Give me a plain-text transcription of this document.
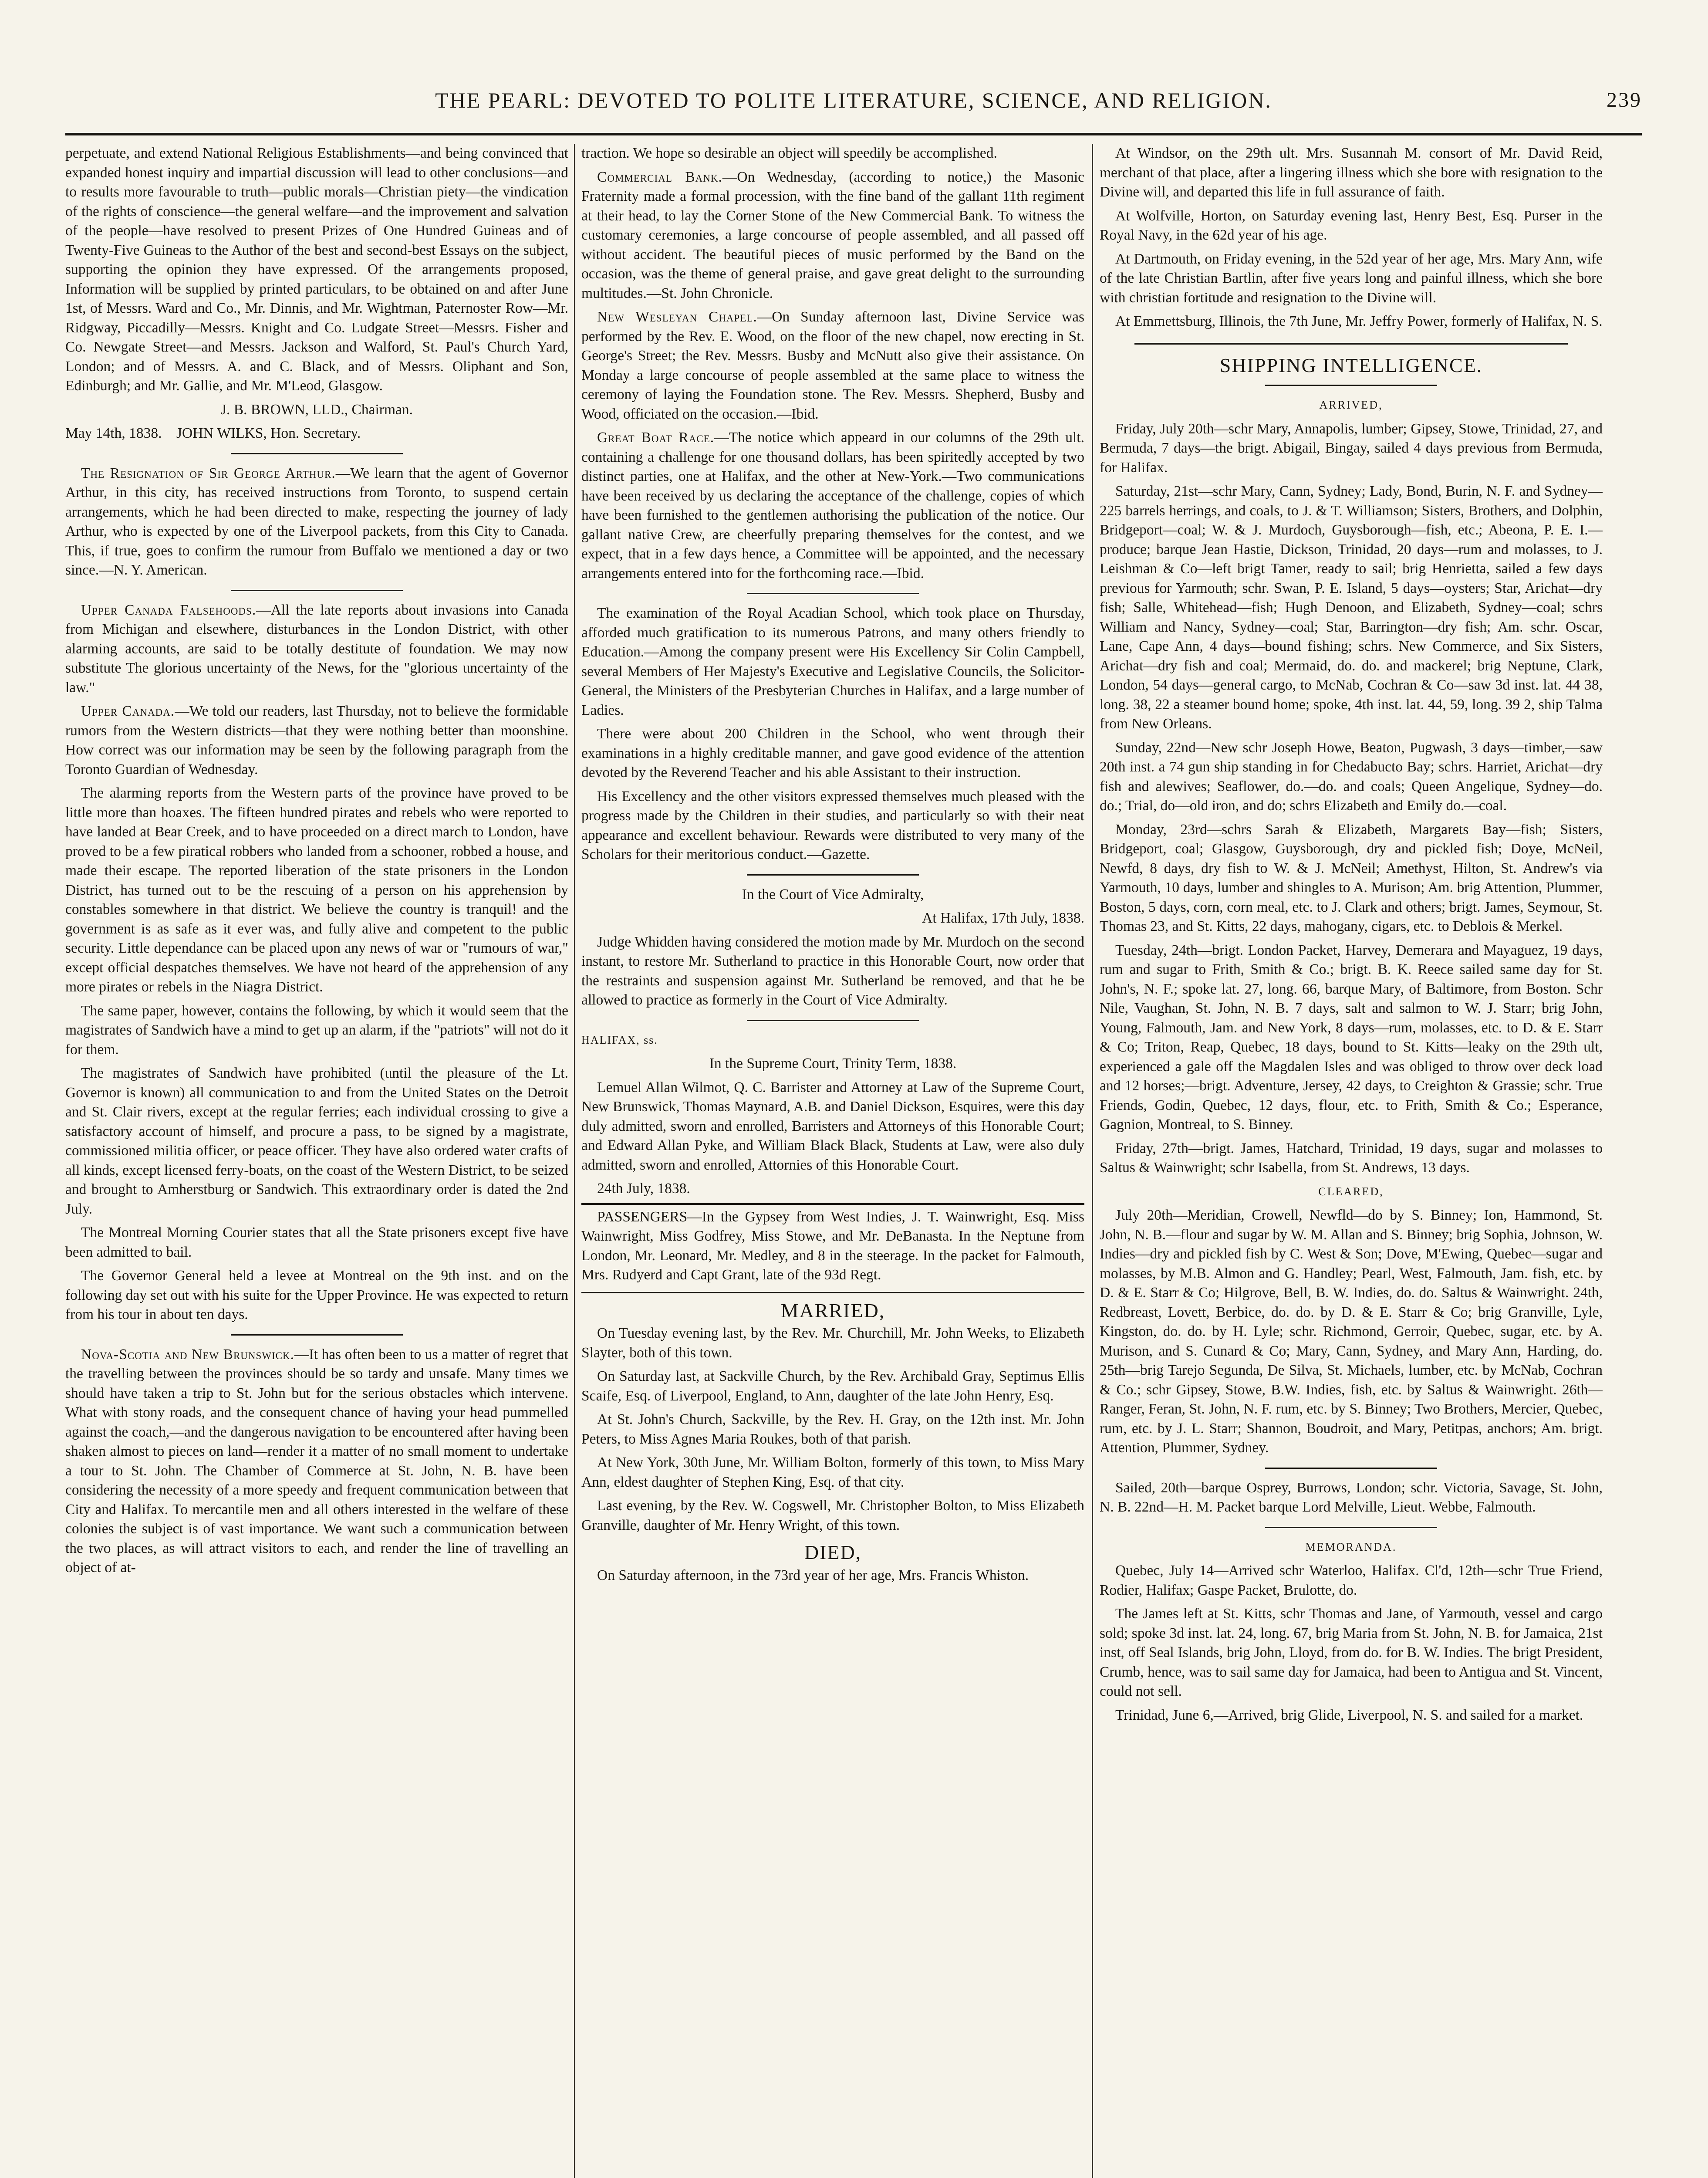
THE PEARL: DEVOTED TO POLITE LITERATURE, SCIENCE, AND RELIGION.	239

perpetuate, and extend National Religious Establishments—and being convinced that expanded honest inquiry and impartial discussion will lead to other conclusions—and to results more favourable to truth—public morals—Christian piety—the vindication of the rights of conscience—the general welfare—and the improvement and salvation of the people—have resolved to present Prizes of One Hundred Guineas and of Twenty-Five Guineas to the Author of the best and second-best Essays on the subject, supporting the opinion they have expressed. Of the arrangements proposed, Information will be supplied by printed particulars, to be obtained on and after June 1st, of Messrs. Ward and Co., Mr. Dinnis, and Mr. Wightman, Paternoster Row—Mr. Ridgway, Piccadilly—Messrs. Knight and Co. Ludgate Street—Messrs. Fisher and Co. Newgate Street—and Messrs. Jackson and Walford, St. Paul's Church Yard, London; and of Messrs. A. and C. Black, and of Messrs. Oliphant and Son, Edinburgh; and Mr. Gallie, and Mr. M'Leod, Glasgow.

J. B. BROWN, LLD., Chairman.

May 14th, 1838. JOHN WILKS, Hon. Secretary.

The Resignation of Sir George Arthur.—We learn that the agent of Governor Arthur, in this city, has received instructions from Toronto, to suspend certain arrangements, which he had been directed to make, respecting the journey of lady Arthur, who is expected by one of the Liverpool packets, from this City to Canada. This, if true, goes to confirm the rumour from Buffalo we mentioned a day or two since.—N. Y. American.

Upper Canada Falsehoods.—All the late reports about invasions into Canada from Michigan and elsewhere, disturbances in the London District, with other alarming accounts, are said to be totally destitute of foundation. We may now substitute The glorious uncertainty of the News, for the "glorious uncertainty of the law."

Upper Canada.—We told our readers, last Thursday, not to believe the formidable rumors from the Western districts—that they were nothing better than moonshine. How correct was our information may be seen by the following paragraph from the Toronto Guardian of Wednesday.

The alarming reports from the Western parts of the province have proved to be little more than hoaxes. The fifteen hundred pirates and rebels who were reported to have landed at Bear Creek, and to have proceeded on a direct march to London, have proved to be a few piratical robbers who landed from a schooner, robbed a house, and made their escape. The reported liberation of the state prisoners in the London District, has turned out to be the rescuing of a person on his apprehension by constables somewhere in that district. We believe the country is tranquil! and the government is as safe as it ever was, and fully alive and competent to the public security. Little dependance can be placed upon any news of war or "rumours of war," except official despatches themselves. We have not heard of the apprehension of any more pirates or rebels in the Niagra District.

The same paper, however, contains the following, by which it would seem that the magistrates of Sandwich have a mind to get up an alarm, if the "patriots" will not do it for them.

The magistrates of Sandwich have prohibited (until the pleasure of the Lt. Governor is known) all communication to and from the United States on the Detroit and St. Clair rivers, except at the regular ferries; each individual crossing to give a satisfactory account of himself, and procure a pass, to be signed by a magistrate, commissioned militia officer, or peace officer. They have also ordered water crafts of all kinds, except licensed ferry-boats, on the coast of the Western District, to be seized and brought to Amherstburg or Sandwich. This extraordinary order is dated the 2nd July.

The Montreal Morning Courier states that all the State prisoners except five have been admitted to bail.

The Governor General held a levee at Montreal on the 9th inst. and on the following day set out with his suite for the Upper Province. He was expected to return from his tour in about ten days.

Nova-Scotia and New Brunswick.—It has often been to us a matter of regret that the travelling between the provinces should be so tardy and unsafe. Many times we should have taken a trip to St. John but for the serious obstacles which intervene. What with stony roads, and the consequent chance of having your head pummelled against the coach,—and the dangerous navigation to be encountered after having been shaken almost to pieces on land—render it a matter of no small moment to undertake a tour to St. John. The Chamber of Commerce at St. John, N. B. have been considering the necessity of a more speedy and frequent communication between that City and Halifax. To mercantile men and all others interested in the welfare of these colonies the subject is of vast importance. We want such a communication between the two places, as will attract visitors to each, and render the line of travelling an object of at-

traction. We hope so desirable an object will speedily be accomplished.

Commercial Bank.—On Wednesday, (according to notice,) the Masonic Fraternity made a formal procession, with the fine band of the gallant 11th regiment at their head, to lay the Corner Stone of the New Commercial Bank. To witness the customary ceremonies, a large concourse of people assembled, and all passed off without accident. The beautiful pieces of music performed by the Band on the occasion, was the theme of general praise, and gave great delight to the surrounding multitudes.—St. John Chronicle.

New Wesleyan Chapel.—On Sunday afternoon last, Divine Service was performed by the Rev. E. Wood, on the floor of the new chapel, now erecting in St. George's Street; the Rev. Messrs. Busby and McNutt also give their assistance. On Monday a large concourse of people assembled at the same place to witness the ceremony of laying the Foundation stone. The Rev. Messrs. Shepherd, Busby and Wood, officiated on the occasion.—Ibid.

Great Boat Race.—The notice which appeard in our columns of the 29th ult. containing a challenge for one thousand dollars, has been spiritedly accepted by two distinct parties, one at Halifax, and the other at New-York.—Two communications have been received by us declaring the acceptance of the challenge, copies of which have been furnished to the gentlemen authorising the publication of the notice. Our gallant native Crew, are cheerfully preparing themselves for the contest, and we expect, that in a few days hence, a Committee will be appointed, and the necessary arrangements entered into for the forthcoming race.—Ibid.

The examination of the Royal Acadian School, which took place on Thursday, afforded much gratification to its numerous Patrons, and many others friendly to Education.—Among the company present were His Excellency Sir Colin Campbell, several Members of Her Majesty's Executive and Legislative Councils, the Solicitor-General, the Ministers of the Presbyterian Churches in Halifax, and a large number of Ladies.

There were about 200 Children in the School, who went through their examinations in a highly creditable manner, and gave good evidence of the attention devoted by the Reverend Teacher and his able Assistant to their instruction.

His Excellency and the other visitors expressed themselves much pleased with the progress made by the Children in their studies, and particularly so with their neat appearance and excellent behaviour. Rewards were distributed to very many of the Scholars for their meritorious conduct.—Gazette.

In the Court of Vice Admiralty,

At Halifax, 17th July, 1838.

Judge Whidden having considered the motion made by Mr. Murdoch on the second instant, to restore Mr. Sutherland to practice in this Honorable Court, now order that the restraints and suspension against Mr. Sutherland be removed, and that he be allowed to practice as formerly in the Court of Vice Admiralty.

HALIFAX, ss.

In the Supreme Court, Trinity Term, 1838.

Lemuel Allan Wilmot, Q. C. Barrister and Attorney at Law of the Supreme Court, New Brunswick, Thomas Maynard, A.B. and Daniel Dickson, Esquires, were this day duly admitted, sworn and enrolled, Barristers and Attorneys of this Honorable Court; and Edward Allan Pyke, and William Black Black, Students at Law, were also duly admitted, sworn and enrolled, Attornies of this Honorable Court.

24th July, 1838.

PASSENGERS—In the Gypsey from West Indies, J. T. Wainwright, Esq. Miss Wainwright, Miss Godfrey, Miss Stowe, and Mr. DeBanasta. In the Neptune from London, Mr. Leonard, Mr. Medley, and 8 in the steerage. In the packet for Falmouth, Mrs. Rudyerd and Capt Grant, late of the 93d Regt.

MARRIED,

On Tuesday evening last, by the Rev. Mr. Churchill, Mr. John Weeks, to Elizabeth Slayter, both of this town.

On Saturday last, at Sackville Church, by the Rev. Archibald Gray, Septimus Ellis Scaife, Esq. of Liverpool, England, to Ann, daughter of the late John Henry, Esq.

At St. John's Church, Sackville, by the Rev. H. Gray, on the 12th inst. Mr. John Peters, to Miss Agnes Maria Roukes, both of that parish.

At New York, 30th June, Mr. William Bolton, formerly of this town, to Miss Mary Ann, eldest daughter of Stephen King, Esq. of that city.

Last evening, by the Rev. W. Cogswell, Mr. Christopher Bolton, to Miss Elizabeth Granville, daughter of Mr. Henry Wright, of this town.

DIED,

On Saturday afternoon, in the 73rd year of her age, Mrs. Francis Whiston.

At Windsor, on the 29th ult. Mrs. Susannah M. consort of Mr. David Reid, merchant of that place, after a lingering illness which she bore with resignation to the Divine will, and departed this life in full assurance of faith.

At Wolfville, Horton, on Saturday evening last, Henry Best, Esq. Purser in the Royal Navy, in the 62d year of his age.

At Dartmouth, on Friday evening, in the 52d year of her age, Mrs. Mary Ann, wife of the late Christian Bartlin, after five years long and painful illness, which she bore with christian fortitude and resignation to the Divine will.

At Emmettsburg, Illinois, the 7th June, Mr. Jeffry Power, formerly of Halifax, N. S.

SHIPPING INTELLIGENCE.
ARRIVED,

Friday, July 20th—schr Mary, Annapolis, lumber; Gipsey, Stowe, Trinidad, 27, and Bermuda, 7 days—the brigt. Abigail, Bingay, sailed 4 days previous from Bermuda, for Halifax.

Saturday, 21st—schr Mary, Cann, Sydney; Lady, Bond, Burin, N. F. and Sydney—225 barrels herrings, and coals, to J. & T. Williamson; Sisters, Brothers, and Dolphin, Bridgeport—coal; W. & J. Murdoch, Guysborough—fish, etc.; Abeona, P. E. I.—produce; barque Jean Hastie, Dickson, Trinidad, 20 days—rum and molasses, to J. Leishman & Co—left brigt Tamer, ready to sail; brig Henrietta, sailed a few days previous for Yarmouth; schr. Swan, P. E. Island, 5 days—oysters; Star, Arichat—dry fish; Salle, Whitehead—fish; Hugh Denoon, and Elizabeth, Sydney—coal; schrs William and Nancy, Sydney—coal; Star, Barrington—dry fish; Am. schr. Oscar, Lane, Cape Ann, 4 days—bound fishing; schrs. New Commerce, and Six Sisters, Arichat—dry fish and coal; Mermaid, do. do. and mackerel; brig Neptune, Clark, London, 54 days—general cargo, to McNab, Cochran & Co—saw 3d inst. lat. 44 38, long. 38, 22 a steamer bound home; spoke, 4th inst. lat. 44, 59, long. 39 2, ship Talma from New Orleans.

Sunday, 22nd—New schr Joseph Howe, Beaton, Pugwash, 3 days—timber,—saw 20th inst. a 74 gun ship standing in for Chedabucto Bay; schrs. Harriet, Arichat—dry fish and alewives; Seaflower, do.—do. and coals; Queen Angelique, Sydney—do. do.; Trial, do—old iron, and do; schrs Elizabeth and Emily do.—coal.

Monday, 23rd—schrs Sarah & Elizabeth, Margarets Bay—fish; Sisters, Bridgeport, coal; Glasgow, Guysborough, dry and pickled fish; Doye, McNeil, Newfd, 8 days, dry fish to W. & J. McNeil; Amethyst, Hilton, St. Andrew's via Yarmouth, 10 days, lumber and shingles to A. Murison; Am. brig Attention, Plummer, Boston, 5 days, corn, corn meal, etc. to J. Clark and others; brigt. James, Seymour, St. Thomas 23, and St. Kitts, 22 days, mahogany, cigars, etc. to Deblois & Merkel.

Tuesday, 24th—brigt. London Packet, Harvey, Demerara and Mayaguez, 19 days, rum and sugar to Frith, Smith & Co.; brigt. B. K. Reece sailed same day for St. John's, N. F.; spoke lat. 27, long. 66, barque Mary, of Baltimore, from Boston. Schr Nile, Vaughan, St. John, N. B. 7 days, salt and salmon to W. J. Starr; brig John, Young, Falmouth, Jam. and New York, 8 days—rum, molasses, etc. to D. & E. Starr & Co; Triton, Reap, Quebec, 18 days, bound to St. Kitts—leaky on the 29th ult, experienced a gale off the Magdalen Isles and was obliged to throw over deck load and 12 horses;—brigt. Adventure, Jersey, 42 days, to Creighton & Grassie; schr. True Friends, Godin, Quebec, 12 days, flour, etc. to Frith, Smith & Co.; Esperance, Gagnion, Montreal, to S. Binney.

Friday, 27th—brigt. James, Hatchard, Trinidad, 19 days, sugar and molasses to Saltus & Wainwright; schr Isabella, from St. Andrews, 13 days.

CLEARED,

July 20th—Meridian, Crowell, Newfld—do by S. Binney; Ion, Hammond, St. John, N. B.—flour and sugar by W. M. Allan and S. Binney; brig Sophia, Johnson, W. Indies—dry and pickled fish by C. West & Son; Dove, M'Ewing, Quebec—sugar and molasses, by M.B. Almon and G. Handley; Pearl, West, Falmouth, Jam. fish, etc. by D. & E. Starr & Co; Hilgrove, Bell, B. W. Indies, do. do. Saltus & Wainwright. 24th, Redbreast, Lovett, Berbice, do. do. by D. & E. Starr & Co; brig Granville, Lyle, Kingston, do. do. by H. Lyle; schr. Richmond, Gerroir, Quebec, sugar, etc. by A. Murison, and S. Cunard & Co; Mary, Cann, Sydney, and Mary Ann, Harding, do. 25th—brig Tarejo Segunda, De Silva, St. Michaels, lumber, etc. by McNab, Cochran & Co.; schr Gipsey, Stowe, B.W. Indies, fish, etc. by Saltus & Wainwright. 26th—Ranger, Feran, St. John, N. F. rum, etc. by S. Binney; Two Brothers, Mercier, Quebec, rum, etc. by J. L. Starr; Shannon, Boudroit, and Mary, Petitpas, anchors; Am. brigt. Attention, Plummer, Sydney.

Sailed, 20th—barque Osprey, Burrows, London; schr. Victoria, Savage, St. John, N. B. 22nd—H. M. Packet barque Lord Melville, Lieut. Webbe, Falmouth.

MEMORANDA.

Quebec, July 14—Arrived schr Waterloo, Halifax. Cl'd, 12th—schr True Friend, Rodier, Halifax; Gaspe Packet, Brulotte, do.

The James left at St. Kitts, schr Thomas and Jane, of Yarmouth, vessel and cargo sold; spoke 3d inst. lat. 24, long. 67, brig Maria from St. John, N. B. for Jamaica, 21st inst, off Seal Islands, brig John, Lloyd, from do. for B. W. Indies. The brigt President, Crumb, hence, was to sail same day for Jamaica, had been to Antigua and St. Vincent, could not sell.

Trinidad, June 6,—Arrived, brig Glide, Liverpool, N. S. and sailed for a market.
